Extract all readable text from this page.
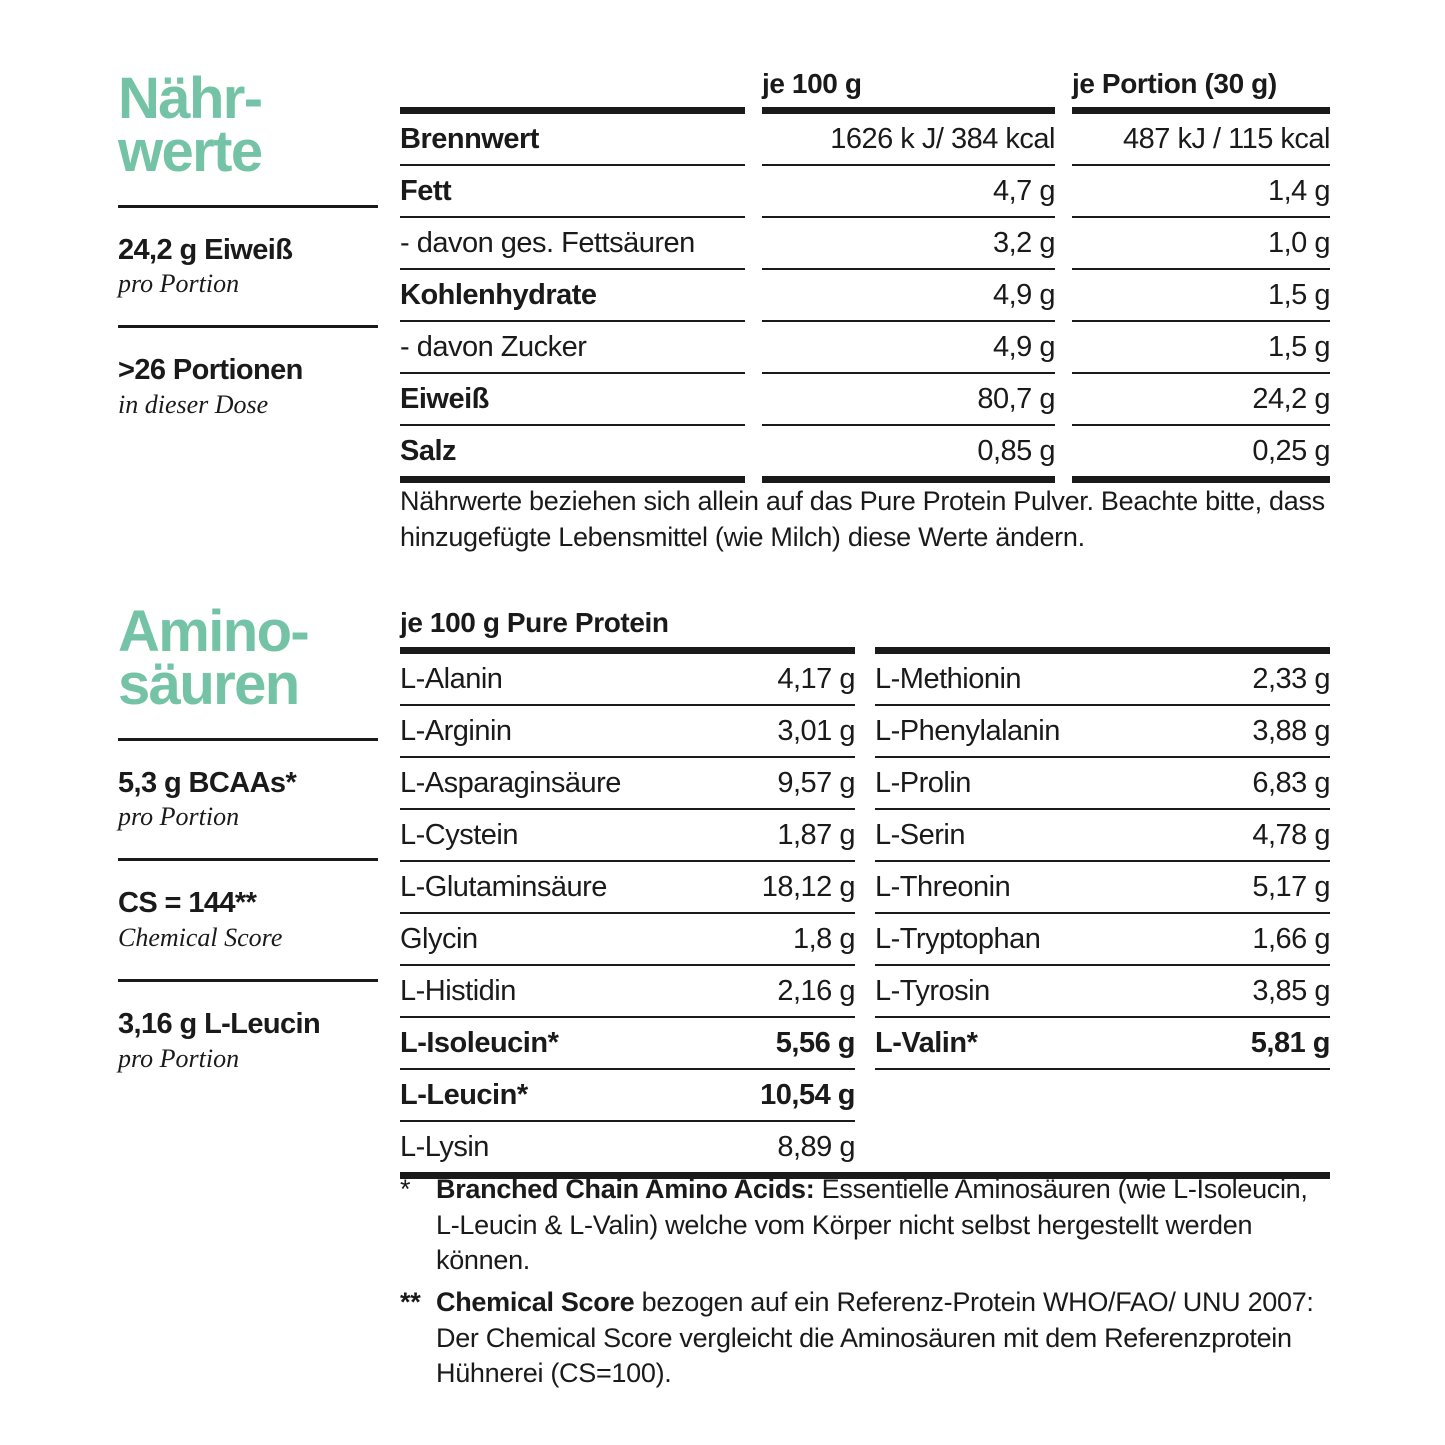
Nähr-
werte
24,2 g Eiweiß
pro Portion
>26 Portionen
in dieser Dose
Amino-
säuren
5,3 g BCAAs*
pro Portion
CS = 144**
Chemical Score
3,16 g L-Leucin
pro Portion
je 100 g	je Portion (30 g)
Brennwert	1626 k J/ 384 kcal	487 kJ / 115 kcal
Fett	4,7 g	1,4 g
- davon ges. Fettsäuren	3,2 g	1,0 g
Kohlenhydrate	4,9 g	1,5 g
- davon Zucker	4,9 g	1,5 g
Eiweiß	80,7 g	24,2 g
Salz	0,85 g	0,25 g
Nährwerte beziehen sich allein auf das Pure Protein Pulver. Beachte bitte, dass hinzugefügte Lebensmittel (wie Milch) diese Werte ändern.
je 100 g Pure Protein
L-Alanin	4,17 g L-Methionin	2,33 g
L-Arginin	3,01 g L-Phenylalanin	3,88 g
L-Asparaginsäure	9,57 g L-Prolin	6,83 g
L-Cystein	1,87 g L-Serin	4,78 g
L-Glutaminsäure	18,12 g L-Threonin	5,17 g
Glycin	1,8 g L-Tryptophan	1,66 g
L-Histidin	2,16 g L-Tyrosin	3,85 g
L-Isoleucin*	5,56 g L-Valin*	5,81 g
L-Leucin*	10,54 g

L-Lysin	8,89 g
* Branched Chain Amino Acids: Essentielle Aminosäuren (wie L-Isoleucin, L-Leucin & L-Valin) welche vom Körper nicht selbst hergestellt werden können.
** Chemical Score bezogen auf ein Referenz-Protein WHO/FAO/ UNU 2007: Der Chemical Score vergleicht die Aminosäuren mit dem Referenzprotein Hühnerei (CS=100).
